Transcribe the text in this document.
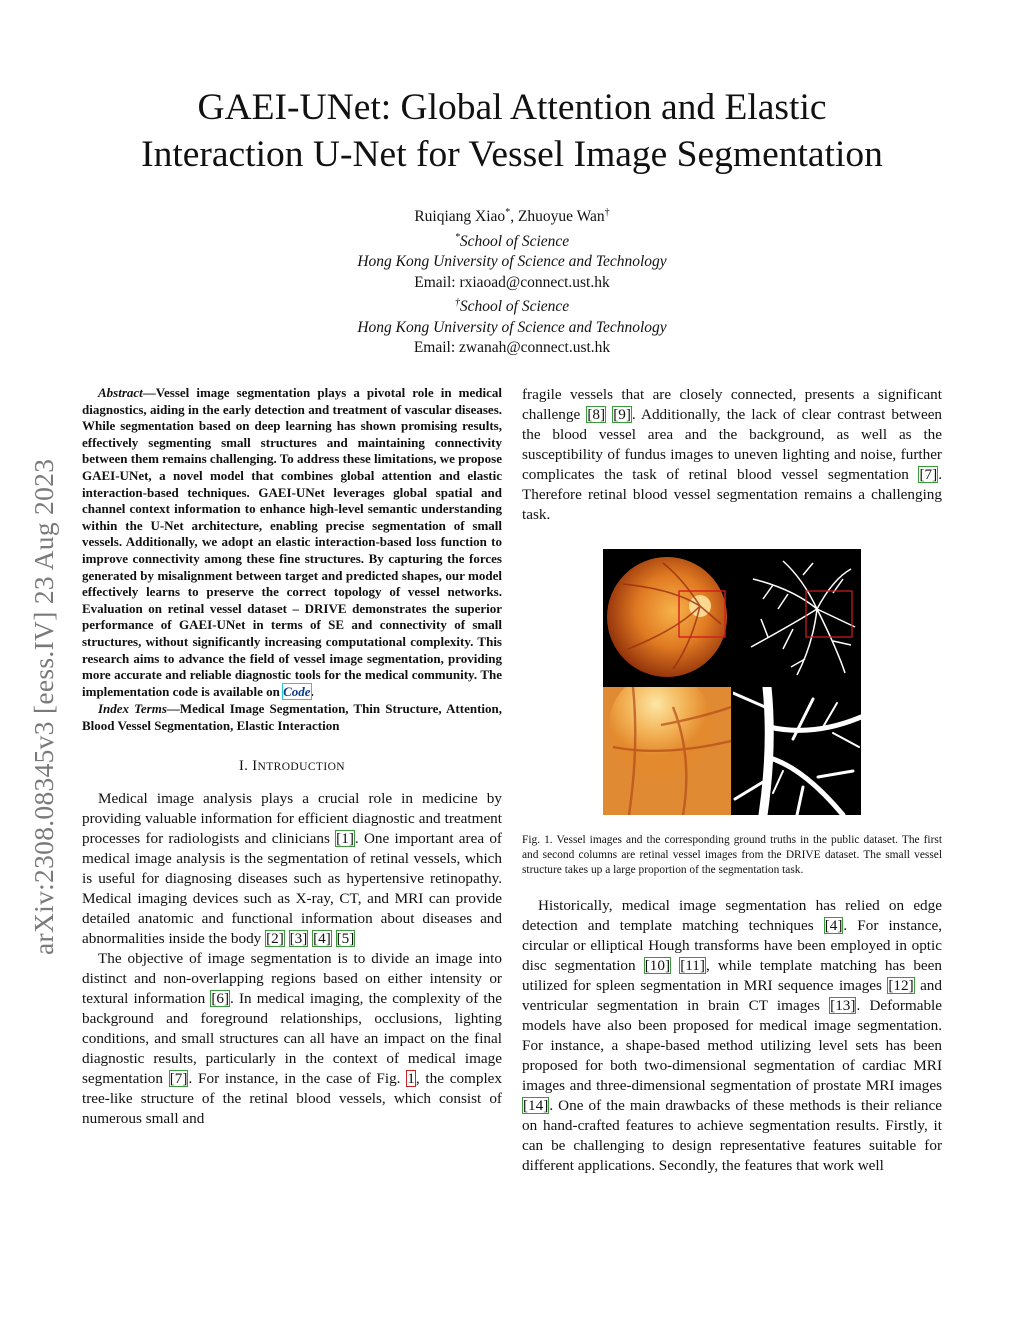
arXiv:2308.08345v3 [eess.IV] 23 Aug 2023
GAEI-UNet: Global Attention and Elastic
Interaction U-Net for Vessel Image Segmentation
Ruiqiang Xiao*, Zhuoyue Wan†
*School of Science
Hong Kong University of Science and Technology
Email: rxiaoad@connect.ust.hk
†School of Science
Hong Kong University of Science and Technology
Email: zwanah@connect.ust.hk
Abstract—Vessel image segmentation plays a pivotal role in medical diagnostics, aiding in the early detection and treatment of vascular diseases. While segmentation based on deep learning has shown promising results, effectively segmenting small structures and maintaining connectivity between them remains challenging. To address these limitations, we propose GAEI-UNet, a novel model that combines global attention and elastic interaction-based techniques. GAEI-UNet leverages global spatial and channel context information to enhance high-level semantic understanding within the U-Net architecture, enabling precise segmentation of small vessels. Additionally, we adopt an elastic interaction-based loss function to improve connectivity among these fine structures. By capturing the forces generated by misalignment between target and predicted shapes, our model effectively learns to preserve the correct topology of vessel networks. Evaluation on retinal vessel dataset – DRIVE demonstrates the superior performance of GAEI-UNet in terms of SE and connectivity of small structures, without significantly increasing computational complexity. This research aims to advance the field of vessel image segmentation, providing more accurate and reliable diagnostic tools for the medical community. The implementation code is available on Code.
Index Terms—Medical Image Segmentation, Thin Structure, Attention, Blood Vessel Segmentation, Elastic Interaction
I. INTRODUCTION

Medical image analysis plays a crucial role in medicine by providing valuable information for efficient diagnostic and treatment processes for radiologists and clinicians [1]. One important area of medical image analysis is the segmentation of retinal vessels, which is useful for diagnosing diseases such as hypertensive retinopathy. Medical imaging devices such as X-ray, CT, and MRI can provide detailed anatomic and functional information about diseases and abnormalities inside the body [2] [3] [4] [5]

The objective of image segmentation is to divide an image into distinct and non-overlapping regions based on either intensity or textural information [6]. In medical imaging, the complexity of the background and foreground relationships, occlusions, lighting conditions, and small structures can all have an impact on the final diagnostic results, particularly in the context of medical image segmentation [7]. For instance, in the case of Fig. 1, the complex tree-like structure of the retinal blood vessels, which consist of numerous small and

fragile vessels that are closely connected, presents a significant challenge [8] [9]. Additionally, the lack of clear contrast between the blood vessel area and the background, as well as the susceptibility of fundus images to uneven lighting and noise, further complicates the task of retinal blood vessel segmentation [7]. Therefore retinal blood vessel segmentation remains a challenging task.

Fig. 1. Vessel images and the corresponding ground truths in the public dataset. The first and second columns are retinal vessel images from the DRIVE dataset. The small vessel structure takes up a large proportion of the segmentation task.

Historically, medical image segmentation has relied on edge detection and template matching techniques [4]. For instance, circular or elliptical Hough transforms have been employed in optic disc segmentation [10] [11], while template matching has been utilized for spleen segmentation in MRI sequence images [12] and ventricular segmentation in brain CT images [13]. Deformable models have also been proposed for medical image segmentation. For instance, a shape-based method utilizing level sets has been proposed for both two-dimensional segmentation of cardiac MRI images and three-dimensional segmentation of prostate MRI images [14]. One of the main drawbacks of these methods is their reliance on hand-crafted features to achieve segmentation results. Firstly, it can be challenging to design representative features suitable for different applications. Secondly, the features that work well
